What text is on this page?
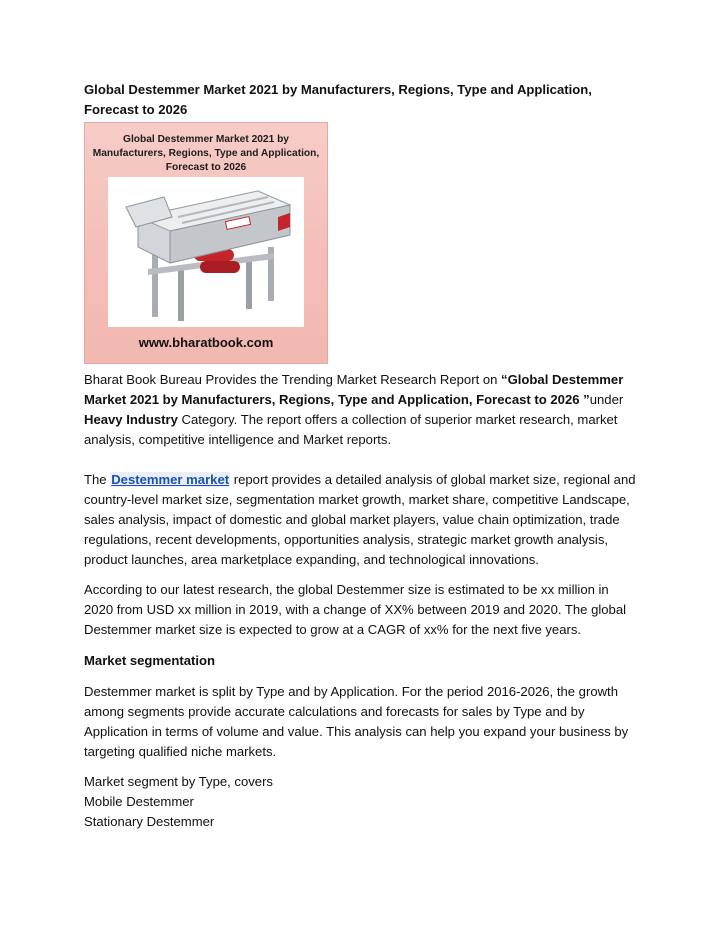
Global Destemmer Market 2021 by Manufacturers, Regions, Type and Application, Forecast to 2026

Global Destemmer Market 2021 by
Manufacturers, Regions, Type and Application,
Forecast to 2026
www.bharatbook.com

Bharat Book Bureau Provides the Trending Market Research Report on “Global Destemmer Market 2021 by Manufacturers, Regions, Type and Application, Forecast to 2026 ”under Heavy Industry Category. The report offers a collection of superior market research, market analysis, competitive intelligence and Market reports.

The Destemmer market report provides a detailed analysis of global market size, regional and country-level market size, segmentation market growth, market share, competitive Landscape, sales analysis, impact of domestic and global market players, value chain optimization, trade regulations, recent developments, opportunities analysis, strategic market growth analysis, product launches, area marketplace expanding, and technological innovations.

According to our latest research, the global Destemmer size is estimated to be xx million in 2020 from USD xx million in 2019, with a change of XX% between 2019 and 2020. The global Destemmer market size is expected to grow at a CAGR of xx% for the next five years.

Market segmentation

Destemmer market is split by Type and by Application. For the period 2016-2026, the growth among segments provide accurate calculations and forecasts for sales by Type and by Application in terms of volume and value. This analysis can help you expand your business by targeting qualified niche markets.

Market segment by Type, covers
Mobile Destemmer
Stationary Destemmer
